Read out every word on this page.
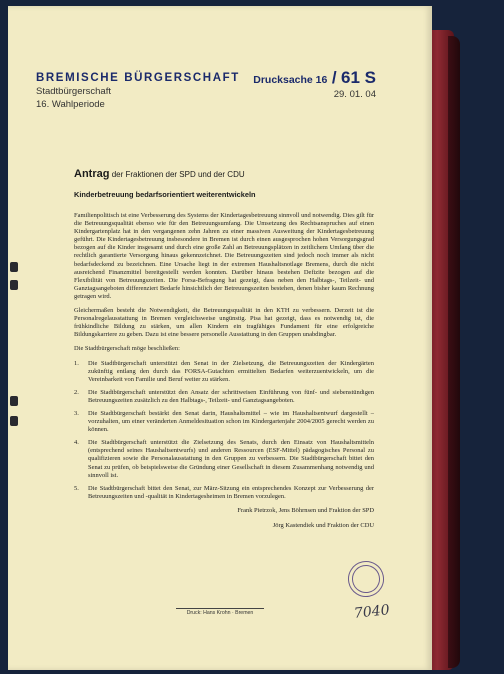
BREMISCHE BÜRGERSCHAFT
Stadtbürgerschaft
16. Wahlperiode
Drucksache 16 / 61 S
29. 01. 04
Antrag der Fraktionen der SPD und der CDU
Kinderbetreuung bedarfsorientiert weiterentwickeln

Familienpolitisch ist eine Verbesserung des Systems der Kindertagesbetreuung sinnvoll und notwendig. Dies gilt für die Betreuungsqualität ebenso wie für den Betreuungsumfang. Die Umsetzung des Rechtsanspruches auf einen Kindergartenplatz hat in den vergangenen zehn Jahren zu einer massiven Ausweitung der Kindertagesbetreuung geführt. Die Kindertagesbetreuung insbesondere in Bremen ist durch einen ausgesprochen hohen Versorgungsgrad bezogen auf die Kinder insgesamt und durch eine große Zahl an Betreuungsplätzen in zeitlichem Umfang über die rechtlich garantierte Versorgung hinaus gekennzeichnet. Die Betreuungszeiten sind jedoch noch immer als nicht bedarfsdeckend zu bezeichnen. Eine Ursache liegt in der extremen Haushaltsnotlage Bremens, durch die nicht ausreichend Finanzmittel bereitgestellt werden konnten. Darüber hinaus bestehen Defizite bezogen auf die Flexibilität von Betreuungszeiten. Die Forsa-Befragung hat gezeigt, dass neben den Halbtags-, Teilzeit- und Ganztagsangeboten differenziert Bedarfe hinsichtlich der Betreuungszeiten bestehen, denen bisher kaum Rechnung getragen wird.

Gleichermaßen besteht die Notwendigkeit, die Betreuungsqualität in den KTH zu verbessern. Derzeit ist die Personalregelausstattung in Bremen vergleichsweise ungünstig. Pisa hat gezeigt, dass es notwendig ist, die frühkindliche Bildung zu stärken, um allen Kindern ein tragfähiges Fundament für eine erfolgreiche Bildungskarriere zu geben. Dazu ist eine bessere personelle Ausstattung in den Gruppen unabdingbar.

Die Stadtbürgerschaft möge beschließen:

1.	Die Stadtbürgerschaft unterstützt den Senat in der Zielsetzung, die Betreuungszeiten der Kindergärten zukünftig entlang den durch das FORSA-Gutachten ermittelten Bedarfen weiterzuentwickeln, um die Vereinbarkeit von Familie und Beruf weiter zu stärken.
2.	Die Stadtbürgerschaft unterstützt den Ansatz der schrittweisen Einführung von fünf- und siebenstündigen Betreuungszeiten zusätzlich zu den Halbtags-, Teilzeit- und Ganztagsangeboten.
3.	Die Stadtbürgerschaft bestärkt den Senat darin, Haushaltsmittel – wie im Haushaltsentwurf dargestellt – vorzuhalten, um einer veränderten Anmeldesituation schon im Kindergartenjahr 2004/2005 gerecht werden zu können.
4.	Die Stadtbürgerschaft unterstützt die Zielsetzung des Senats, durch den Einsatz von Haushaltsmitteln (entsprechend seines Haushaltsentwurfs) und anderen Ressourcen (ESF-Mittel) pädagogisches Personal zu qualifizieren sowie die Personalausstattung in den Gruppen zu verbessern. Die Stadtbürgerschaft bittet den Senat zu prüfen, ob beispielsweise die Gründung einer Gesellschaft in diesem Zusammenhang notwendig und sinnvoll ist.
5.	Die Stadtbürgerschaft bittet den Senat, zur März-Sitzung ein entsprechendes Konzept zur Verbesserung der Betreuungszeiten und -qualität in Kindertagesheimen in Bremen vorzulegen.
Frank Pietrzok, Jens Böhrnsen und Fraktion der SPD
Jörg Kastendiek und Fraktion der CDU
7040
Druck: Hans Krohn · Bremen
